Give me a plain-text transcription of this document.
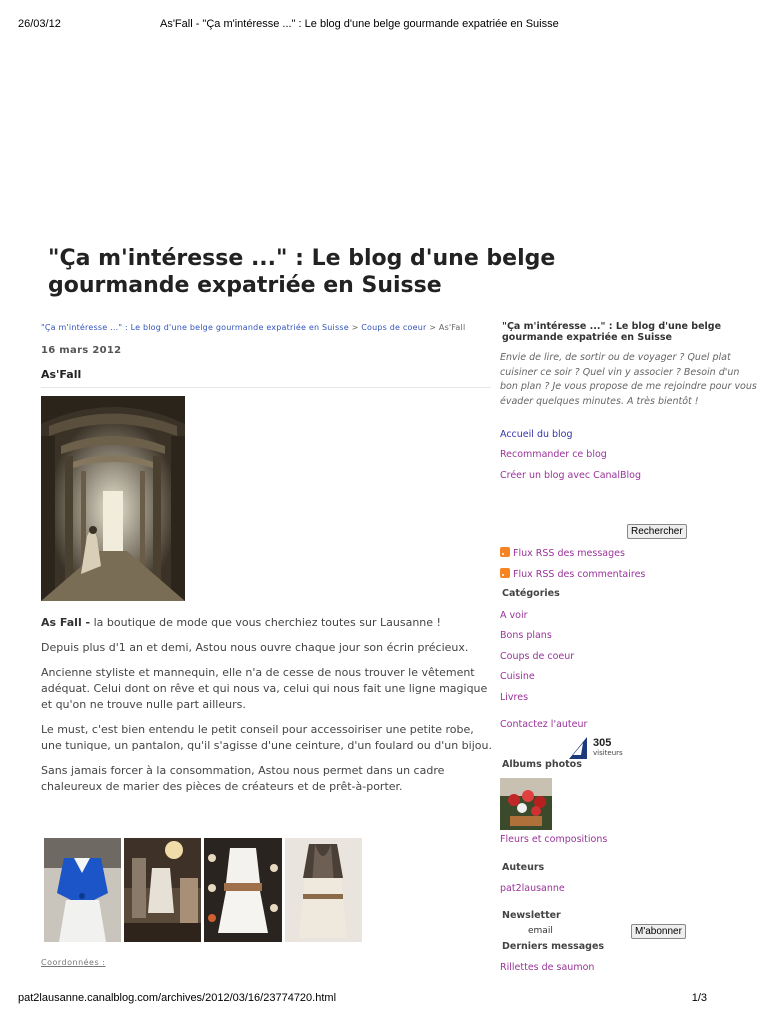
26/03/12	As'Fall - "Ça m'intéresse ..." : Le blog d'une belge gourmande expatriée en Suisse
"Ça m'intéresse ..." : Le blog d'une belge gourmande expatriée en Suisse
"Ça m'intéresse ..." : Le blog d'une belge gourmande expatriée en Suisse > Coups de coeur > As'Fall
16 mars 2012
As'Fall

As Fall - la boutique de mode que vous cherchiez toutes sur Lausanne !

Depuis plus d'1 an et demi, Astou nous ouvre chaque jour son écrin précieux.

Ancienne styliste et mannequin, elle n'a de cesse de nous trouver le vêtement adéquat. Celui dont on rêve et qui nous va, celui qui nous fait une ligne magique et qu'on ne trouve nulle part ailleurs.

Le must, c'est bien entendu le petit conseil pour accessoiriser une petite robe, une tunique, un pantalon, qu'il s'agisse d'une ceinture, d'un foulard ou d'un bijou.

Sans jamais forcer à la consommation, Astou nous permet dans un cadre chaleureux de marier des pièces de créateurs et de prêt-à-porter.

Coordonnées :
"Ça m'intéresse ..." : Le blog d'une belge gourmande expatriée en Suisse
Envie de lire, de sortir ou de voyager ? Quel plat cuisiner ce soir ? Quel vin y associer ? Besoin d'un bon plan ? Je vous propose de me rejoindre pour vous évader quelques minutes. A très bientôt !
Accueil du blog
Recommander ce blog
Créer un blog avec CanalBlog
Rechercher
Flux RSS des messages
Flux RSS des commentaires
Catégories
A voir
Bons plans
Coups de coeur
Cuisine
Livres
Contactez l'auteur
305
visiteurs
Albums photos
Fleurs et compositions
Auteurs
pat2lausanne
Newsletter
email	M'abonner
Derniers messages
Rillettes de saumon
pat2lausanne.canalblog.com/archives/2012/03/16/23774720.html	1/3
